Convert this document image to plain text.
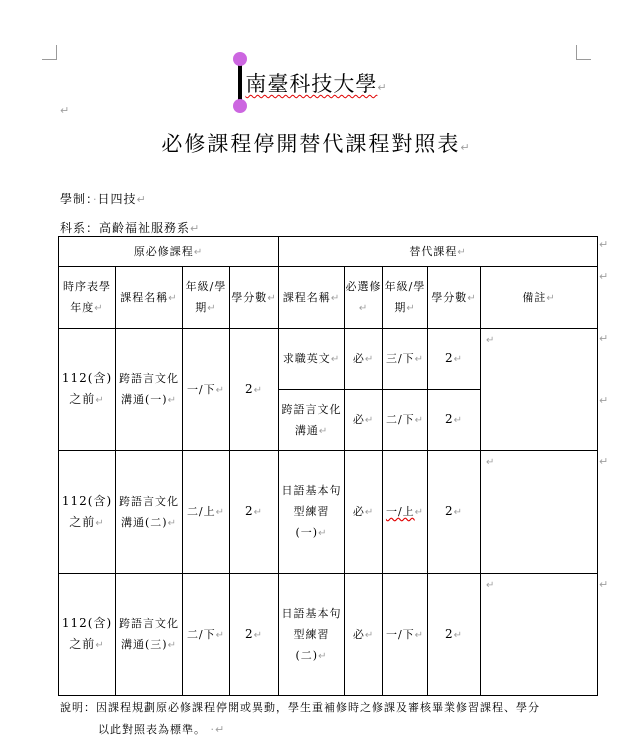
南臺科技大學↵
↵
必修課程停開替代課程對照表↵
學制：·日四技↵
科系：高齡福祉服務系↵
原必修課程↵				替代課程↵				
時序表學年度↵	課程名稱↵	年級/學期↵	學分數↵	課程名稱↵	必選修↵	年級/學期↵	學分數↵	備註↵
112(含)之前↵	跨語言文化溝通(一)↵	一/下↵	2↵	求職英文↵	必↵	三/下↵	2↵	↵

				跨語言文化溝通↵	必↵	二/下↵	2↵	
112(含)之前↵	跨語言文化溝通(二)↵	二/上↵	2↵	日語基本句型練習(一)↵	必↵	一/上↵	2↵	↵

112(含)之前↵	跨語言文化溝通(三)↵	二/下↵	2↵	日語基本句型練習(二)↵	必↵	一/下↵	2↵	↵
↵
↵
↵
↵
↵
↵
說明：因課程規劃原必修課程停開或異動，學生重補修時之修課及審核畢業修習課程、學分
以此對照表為標準。 ·↵
